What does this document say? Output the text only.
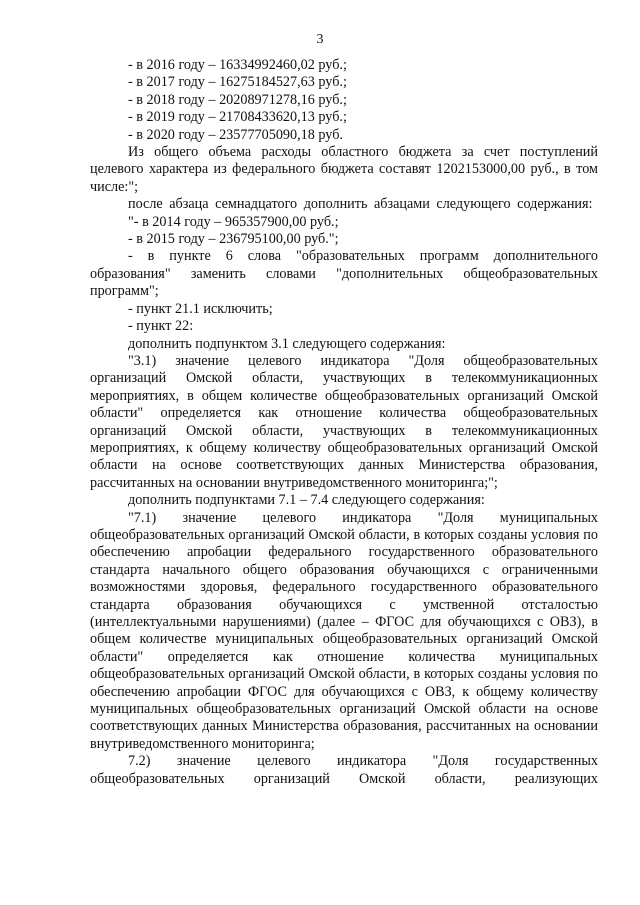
3

- в 2016 году – 16334992460,02 руб.;

- в 2017 году – 16275184527,63 руб.;

- в 2018 году – 20208971278,16 руб.;

- в 2019 году – 21708433620,13 руб.;

- в 2020 году – 23577705090,18 руб.

Из общего объема расходы областного бюджета за счет поступлений целевого характера из федерального бюджета составят 1202153000,00 руб., в том числе:";

после абзаца семнадцатого дополнить абзацами следующего содержания:

"- в 2014 году – 965357900,00 руб.;

- в 2015 году – 236795100,00 руб.";

- в пункте 6 слова "образовательных программ дополнительного образования" заменить словами "дополнительных общеобразовательных программ";

- пункт 21.1 исключить;

- пункт 22:

дополнить подпунктом 3.1 следующего содержания:

"3.1) значение целевого индикатора "Доля общеобразовательных организаций Омской области, участвующих в телекоммуникационных мероприятиях, в общем количестве общеобразовательных организаций Омской области" определяется как отношение количества общеобразовательных организаций Омской области, участвующих в телекоммуникационных мероприятиях, к общему количеству общеобразовательных организаций Омской области на основе соответствующих данных Министерства образования, рассчитанных на основании внутриведомственного мониторинга;";

дополнить подпунктами 7.1 – 7.4 следующего содержания:

"7.1) значение целевого индикатора "Доля муниципальных общеобразовательных организаций Омской области, в которых созданы условия по обеспечению апробации федерального государственного образовательного стандарта начального общего образования обучающихся с ограниченными возможностями здоровья, федерального государственного образовательного стандарта образования обучающихся с умственной отсталостью (интеллектуальными нарушениями) (далее – ФГОС для обучающихся с ОВЗ), в общем количестве муниципальных общеобразовательных организаций Омской области" определяется как отношение количества муниципальных общеобразовательных организаций Омской области, в которых созданы условия по обеспечению апробации ФГОС для обучающихся с ОВЗ, к общему количеству муниципальных общеобразовательных организаций Омской области на основе соответствующих данных Министерства образования, рассчитанных на основании внутриведомственного мониторинга;

7.2) значение целевого индикатора "Доля государственных общеобразовательных организаций Омской области, реализующих
